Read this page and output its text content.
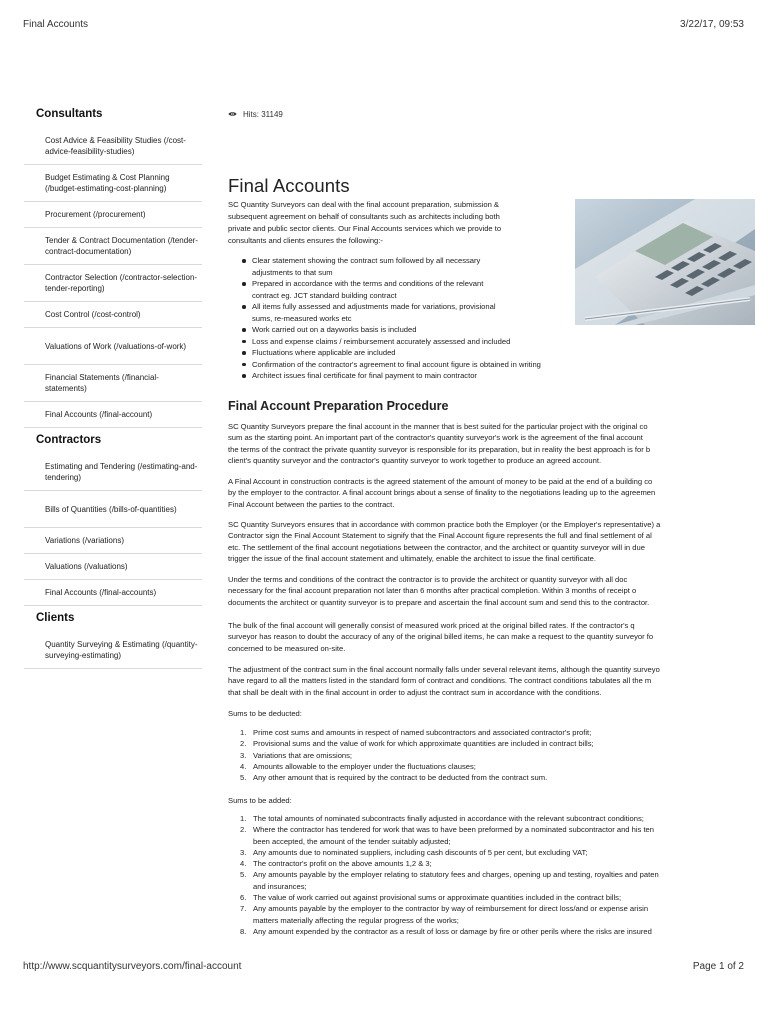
Final Accounts	3/22/17, 09:53
Consultants
Cost Advice & Feasibility Studies (/cost-advice-feasibility-studies)
Budget Estimating & Cost Planning (/budget-estimating-cost-planning)
Procurement (/procurement)
Tender & Contract Documentation (/tender-contract-documentation)
Contractor Selection (/contractor-selection-tender-reporting)
Cost Control (/cost-control)
Valuations of Work (/valuations-of-work)
Financial Statements (/financial-statements)
Final Accounts (/final-account)
Contractors
Estimating and Tendering (/estimating-and-tendering)
Bills of Quantities (/bills-of-quantities)
Variations (/variations)
Valuations (/valuations)
Final Accounts (/final-accounts)
Clients
Quantity Surveying & Estimating (/quantity-surveying-estimating)
Hits: 31149
Final Accounts
SC Quantity Surveyors can deal with the final account preparation, submission &
subsequent agreement on behalf of consultants such as architects including both
private and public sector clients. Our Final Accounts services which we provide to
consultants and clients ensures the following:-
Clear statement showing the contract sum followed by all necessary
adjustments to that sum
Prepared in accordance with the terms and conditions of the relevant
contract eg. JCT standard building contract
All items fully assessed and adjustments made for variations, provisional
sums, re-measured works etc
Work carried out on a dayworks basis is included
Loss and expense claims / reimbursement accurately assessed and included
Fluctuations where applicable are included
Confirmation of the contractor's agreement to final account figure is obtained in writing
Architect issues final certificate for final payment to main contractor
Final Account Preparation Procedure
SC Quantity Surveyors prepare the final account in the manner that is best suited for the particular project with the original co
sum as the starting point. An important part of the contractor's quantity surveyor's work is the agreement of the final account
the terms of the contract the private quantity surveyor is responsible for its preparation, but in reality the best approach is for b
client's quantity surveyor and the contractor's quantity surveyor to work together to produce an agreed account.
A Final Account in construction contracts is the agreed statement of the amount of money to be paid at the end of a building co
by the employer to the contractor. A final account brings about a sense of finality to the negotiations leading up to the agreemen
Final Account between the parties to the contract.
SC Quantity Surveyors ensures that in accordance with common practice both the Employer (or the Employer's representative) a
Contractor sign the Final Account Statement to signify that the Final Account figure represents the full and final settlement of al
etc. The settlement of the final account negotiations between the contractor, and the architect or quantity surveyor will in due
trigger the issue of the final account statement and ultimately, enable the architect to issue the final certificate.
Under the terms and conditions of the contract the contractor is to provide the architect or quantity surveyor with all doc
necessary for the final account preparation not later than 6 months after practical completion. Within 3 months of receipt o
documents the architect or quantity surveyor is to prepare and ascertain the final account sum and send this to the contractor.
The bulk of the final account will generally consist of measured work priced at the original billed rates. If the contractor's q
surveyor has reason to doubt the accuracy of any of the original billed items, he can make a request to the quantity surveyor fo
concerned to be measured on-site.
The adjustment of the contract sum in the final account normally falls under several relevant items, although the quantity surveyo
have regard to all the matters listed in the standard form of contract and conditions. The contract conditions tabulates all the m
that shall be dealt with in the final account in order to adjust the contract sum in accordance with the conditions.
Sums to be deducted:
1. Prime cost sums and amounts in respect of named subcontractors and associated contractor's profit;
2. Provisional sums and the value of work for which approximate quantities are included in contract bills;
3. Variations that are omissions;
4. Amounts allowable to the employer under the fluctuations clauses;
5. Any other amount that is required by the contract to be deducted from the contract sum.
Sums to be added:
1. The total amounts of nominated subcontracts finally adjusted in accordance with the relevant subcontract conditions;
2. Where the contractor has tendered for work that was to have been preformed by a nominated subcontractor and his ten
been accepted, the amount of the tender suitably adjusted;
3. Any amounts due to nominated suppliers, including cash discounts of 5 per cent, but excluding VAT;
4. The contractor's profit on the above amounts 1,2 & 3;
5. Any amounts payable by the employer relating to statutory fees and charges, opening up and testing, royalties and paten
and insurances;
6. The value of work carried out against provisional sums or approximate quantities included in the contract bills;
7. Any amounts payable by the employer to the contractor by way of reimbursement for direct loss/and or expense arisin
matters materially affecting the regular progress of the works;
8. Any amount expended by the contractor as a result of loss or damage by fire or other perils where the risks are insured
http://www.scquantitysurveyors.com/final-account	Page 1 of 2
